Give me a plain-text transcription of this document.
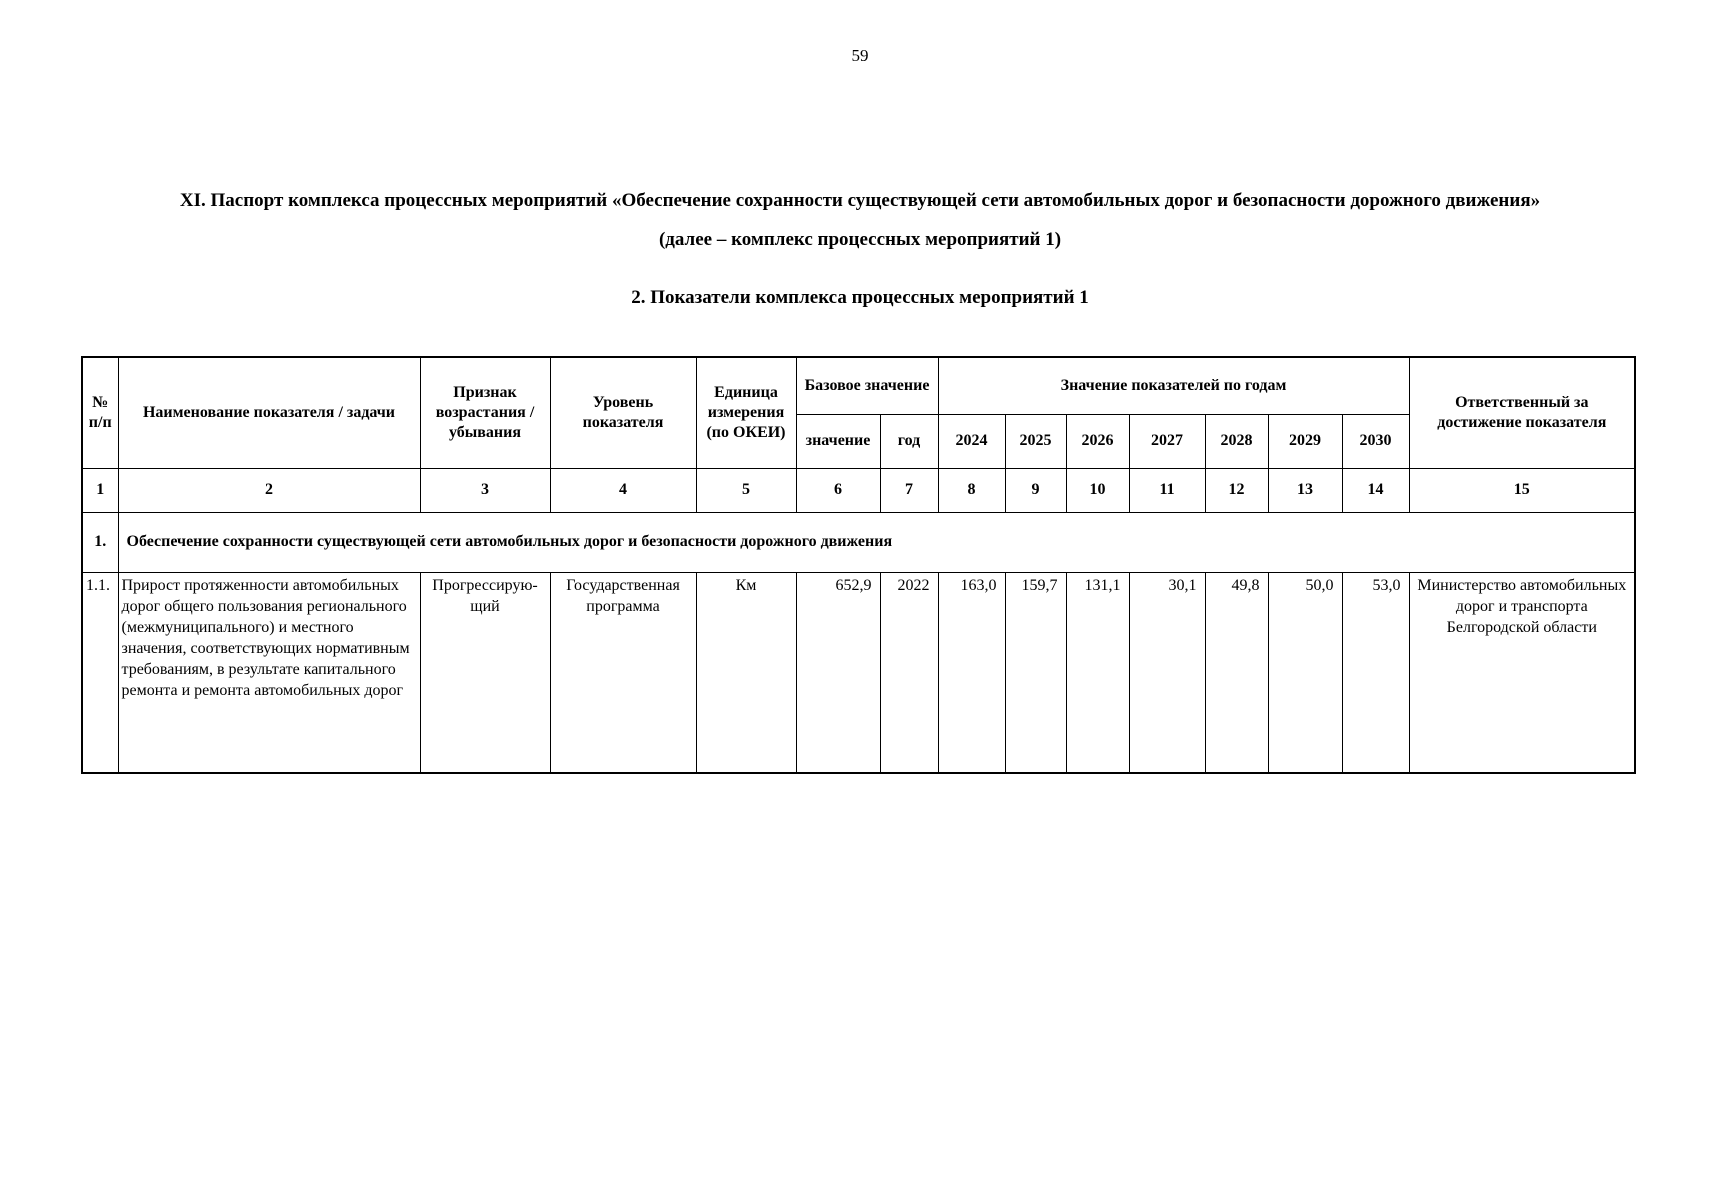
59
XI. Паспорт комплекса процессных мероприятий «Обеспечение сохранности существующей сети автомобильных дорог и безопасности дорожного движения»
(далее – комплекс процессных мероприятий 1)
2. Показатели комплекса процессных мероприятий 1
№ п/п	Наименование показателя / задачи	Признак возрастания / убывания	Уровень показателя	Единица измерения (по ОКЕИ)	Базовое значение		Значение показателей по годам							Ответственный за достижение показателя
					значение	год	2024	2025	2026	2027	2028	2029	2030	
1	2	3	4	5	6	7	8	9	10	11	12	13	14	15
1.	Обеспечение сохранности существующей сети автомобильных дорог и безопасности дорожного движения													
1.1.	Прирост протяженности автомобильных дорог общего пользования регионального (межмуниципального) и местного значения, соответствующих нормативным требованиям, в результате капитального ремонта и ремонта автомобильных дорог	Прогрессирую-щий	Государственная программа	Км	652,9	2022	163,0	159,7	131,1	30,1	49,8	50,0	53,0	Министерство автомобильных дорог и транспорта Белгородской области
